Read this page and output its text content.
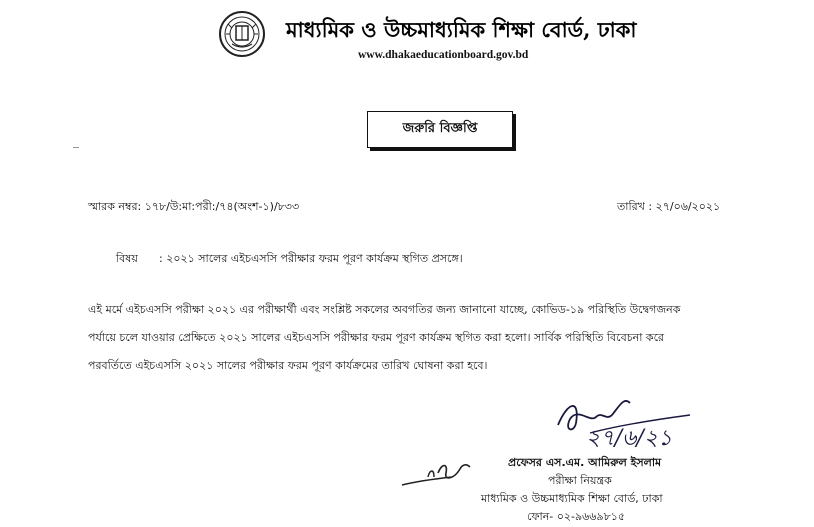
মাধ্যমিক ও উচ্চমাধ্যমিক শিক্ষা বোর্ড, ঢাকা
www.dhakaeducationboard.gov.bd
জরুরি বিজ্ঞপ্তি
স্মারক নম্বর: ১৭৮/উ:মা:পরী:/৭৪(অংশ-১)/৮৩৩	তারিখ : ২৭/০৬/২০২১
বিষয় : ২০২১ সালের এইচএসসি পরীক্ষার ফরম পূরণ কার্যক্রম স্থগিত প্রসঙ্গে।
এই মর্মে এইচএসসি পরীক্ষা ২০২১ এর পরীক্ষার্থী এবং সংশ্লিষ্ট সকলের অবগতির জন্য জানানো যাচ্ছে, কোভিড-১৯ পরিস্থিতি উদ্বেগজনক
পর্যায়ে চলে যাওয়ার প্রেক্ষিতে ২০২১ সালের এইচএসসি পরীক্ষার ফরম পূরণ কার্যক্রম স্থগিত করা হলো। সার্বিক পরিস্থিতি বিবেচনা করে
পরবর্তিতে এইচএসসি ২০২১ সালের পরীক্ষার ফরম পূরণ কার্যক্রমের তারিখ ঘোষনা করা হবে।
২৭/৬/২১
প্রফেসর এস.এম. আমিরুল ইসলাম
পরীক্ষা নিয়ন্ত্রক
মাধ্যমিক ও উচ্চমাধ্যমিক শিক্ষা বোর্ড, ঢাকা
ফোন- ০২-৯৬৬৯৮১৫
